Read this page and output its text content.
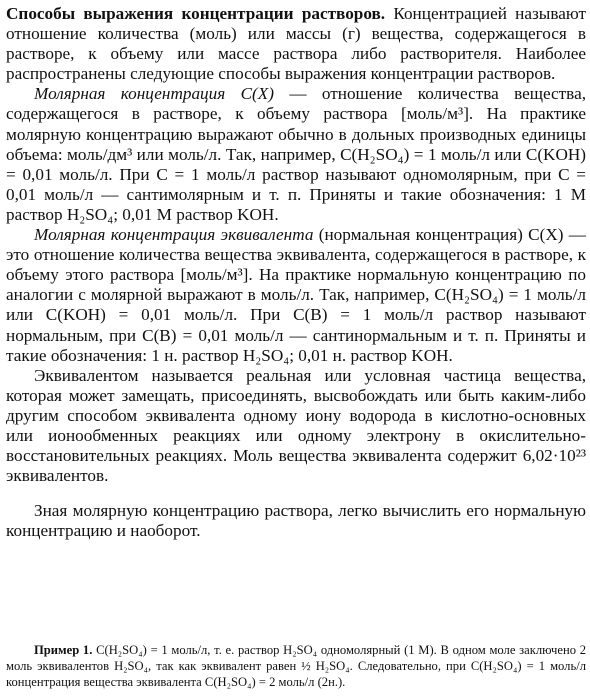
Способы выражения концентрации растворов. Концентрацией называют отношение количества (моль) или массы (г) вещества, содержащегося в растворе, к объему или массе раствора либо растворителя. Наиболее распространены следующие способы выражения концентрации растворов.

Молярная концентрация C(X) — отношение количества вещества, содержащегося в растворе, к объему раствора [моль/м³]. На практике молярную концентрацию выражают обычно в дольных производных единицы объема: моль/дм³ или моль/л. Так, например, C(H₂SO₄) = 1 моль/л или C(KOH) = 0,01 моль/л. При C = 1 моль/л раствор называют одномолярным, при C = 0,01 моль/л — сантимолярным и т. п. Приняты и такие обозначения: 1 M раствор H₂SO₄; 0,01 M раствор KOH.

Молярная концентрация эквивалента (нормальная концентрация) C(X) — это отношение количества вещества эквивалента, содержащегося в растворе, к объему этого раствора [моль/м³]. На практике нормальную концентрацию по аналогии с молярной выражают в моль/л. Так, например, C(H₂SO₄) = 1 моль/л или C(KOH) = 0,01 моль/л. При C(B) = 1 моль/л раствор называют нормальным, при C(B) = 0,01 моль/л — сантинормальным и т. п. Приняты и такие обозначения: 1 н. раствор H₂SO₄; 0,01 н. раствор KOH.

Эквивалентом называется реальная или условная частица вещества, которая может замещать, присоединять, высвобождать или быть каким-либо другим способом эквивалента одному иону водорода в кислотно-основных или ионообменных реакциях или одному электрону в окислительно-восстановительных реакциях. Моль вещества эквивалента содержит 6,02·10²³ эквивалентов.

Зная молярную концентрацию раствора, легко вычислить его нормальную концентрацию и наоборот.

Пример 1. C(H₂SO₄) = 1 моль/л, т. е. раствор H₂SO₄ одномолярный (1 M). В одном моле заключено 2 моль эквивалентов H₂SO₄, так как эквивалент равен ½ H₂SO₄. Следовательно, при C(H₂SO₄) = 1 моль/л концентрация вещества эквивалента C(H₂SO₄) = 2 моль/л (2н.).
